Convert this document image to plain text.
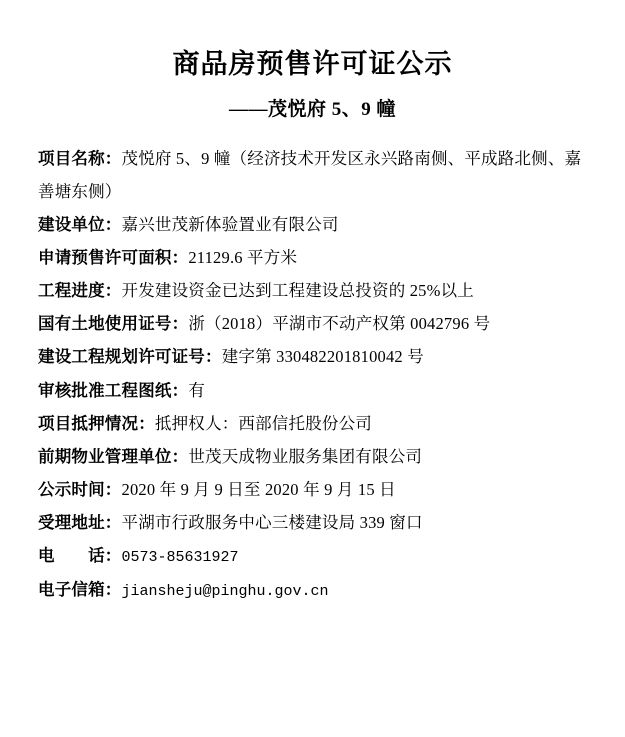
商品房预售许可证公示
——茂悦府 5、9 幢
项目名称：茂悦府 5、9 幢（经济技术开发区永兴路南侧、平成路北侧、嘉善塘东侧）
建设单位：嘉兴世茂新体验置业有限公司
申请预售许可面积：21129.6 平方米
工程进度：开发建设资金已达到工程建设总投资的 25%以上
国有土地使用证号：浙（2018）平湖市不动产权第 0042796 号
建设工程规划许可证号：建字第 330482201810042 号
审核批准工程图纸：有
项目抵押情况：抵押权人：西部信托股份公司
前期物业管理单位：世茂天成物业服务集团有限公司
公示时间：2020 年 9 月 9 日至 2020 年 9 月 15 日
受理地址：平湖市行政服务中心三楼建设局 339 窗口
电　　话：0573-85631927
电子信箱：jiansheju@pinghu.gov.cn
